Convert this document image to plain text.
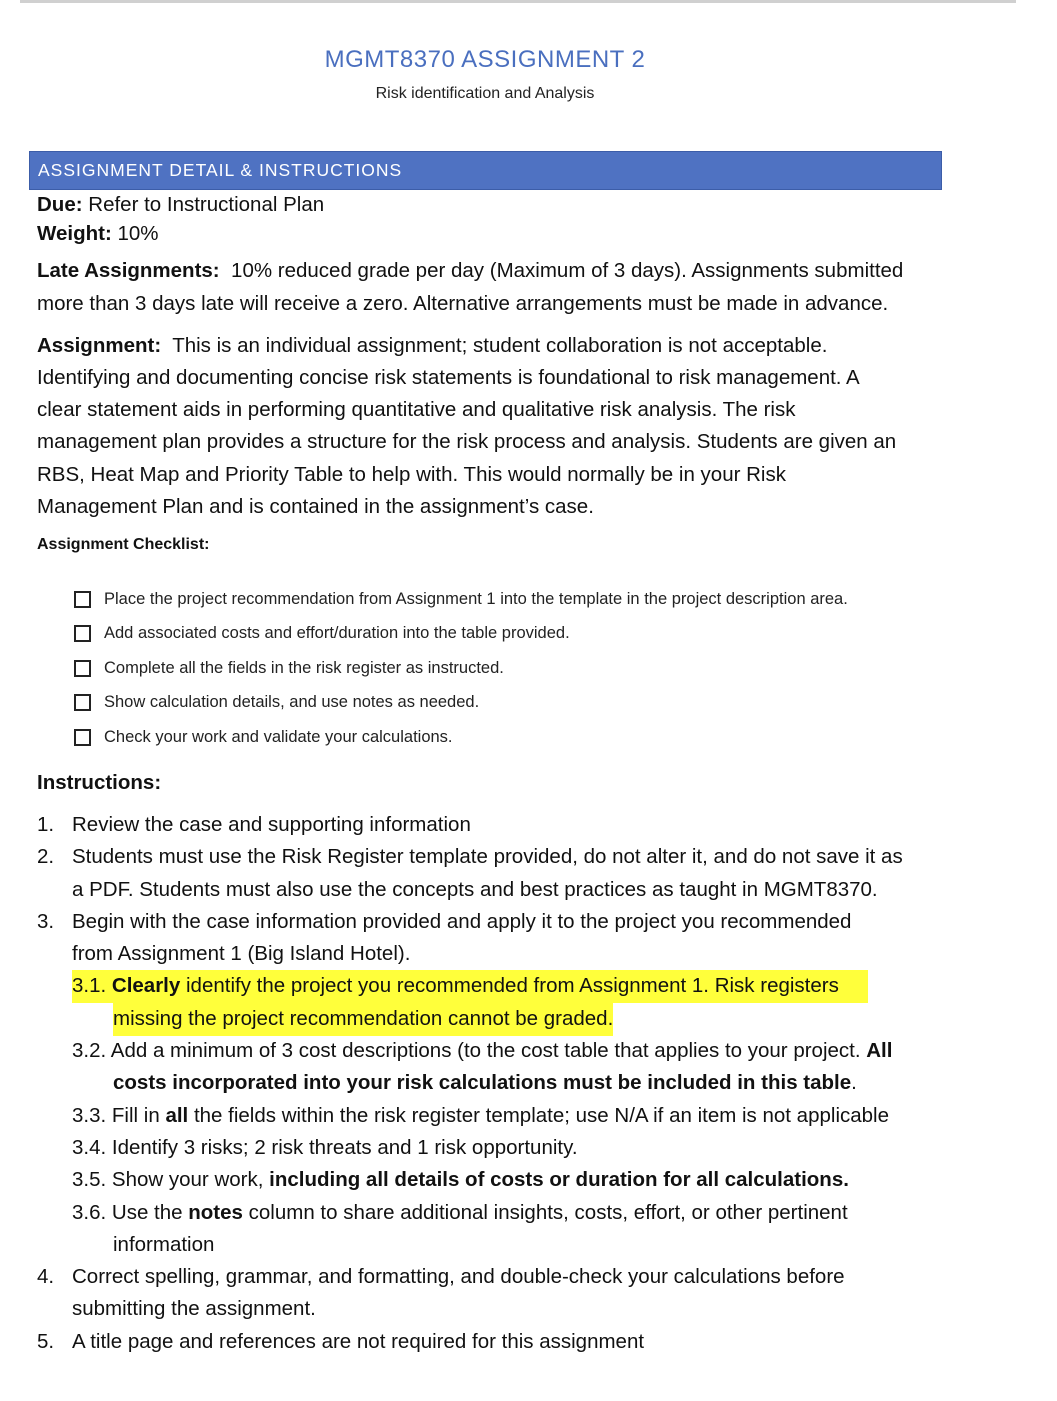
MGMT8370 ASSIGNMENT 2
Risk identification and Analysis
ASSIGNMENT DETAIL & INSTRUCTIONS
Due: Refer to Instructional Plan
Weight: 10%
Late Assignments: 10% reduced grade per day (Maximum of 3 days). Assignments submitted
more than 3 days late will receive a zero. Alternative arrangements must be made in advance.
Assignment: This is an individual assignment; student collaboration is not acceptable.
Identifying and documenting concise risk statements is foundational to risk management. A
clear statement aids in performing quantitative and qualitative risk analysis. The risk
management plan provides a structure for the risk process and analysis. Students are given an
RBS, Heat Map and Priority Table to help with. This would normally be in your Risk
Management Plan and is contained in the assignment’s case.
Assignment Checklist:
Place the project recommendation from Assignment 1 into the template in the project description area.
Add associated costs and effort/duration into the table provided.
Complete all the fields in the risk register as instructed.
Show calculation details, and use notes as needed.
Check your work and validate your calculations.
Instructions:
1. Review the case and supporting information
2. Students must use the Risk Register template provided, do not alter it, and do not save it as
a PDF. Students must also use the concepts and best practices as taught in MGMT8370.
3. Begin with the case information provided and apply it to the project you recommended
from Assignment 1 (Big Island Hotel).
3.1. Clearly identify the project you recommended from Assignment 1. Risk registers
missing the project recommendation cannot be graded.
3.2. Add a minimum of 3 cost descriptions (to the cost table that applies to your project. All
costs incorporated into your risk calculations must be included in this table.
3.3. Fill in all the fields within the risk register template; use N/A if an item is not applicable
3.4. Identify 3 risks; 2 risk threats and 1 risk opportunity.
3.5. Show your work, including all details of costs or duration for all calculations.
3.6. Use the notes column to share additional insights, costs, effort, or other pertinent
information
4. Correct spelling, grammar, and formatting, and double-check your calculations before
submitting the assignment.
5. A title page and references are not required for this assignment
